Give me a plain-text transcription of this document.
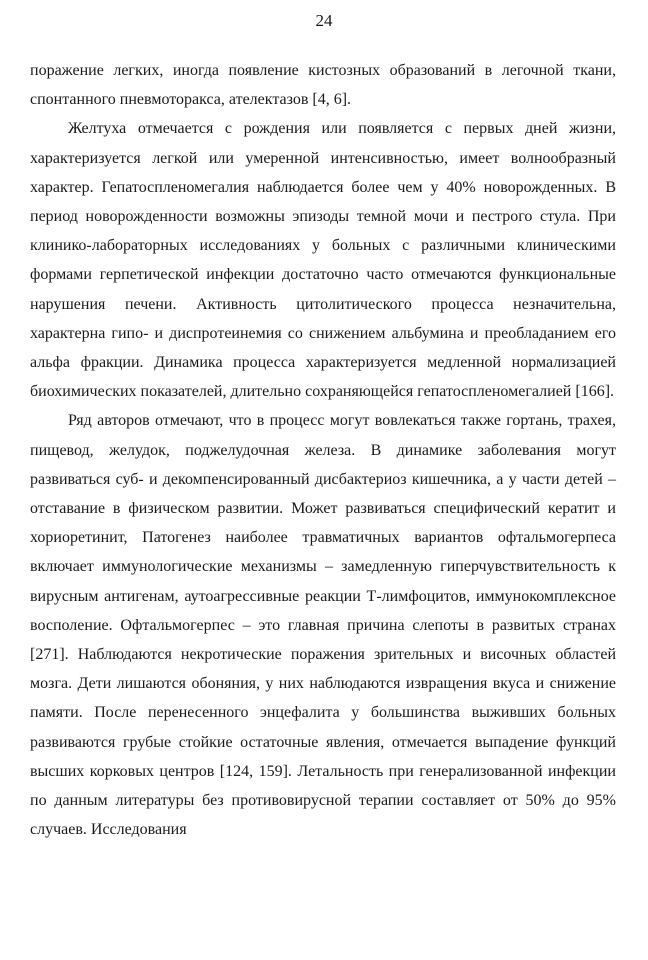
24

поражение легких, иногда появление кистозных образований в легочной ткани, спонтанного пневмоторакса, ателектазов [4, 6].

Желтуха отмечается с рождения или появляется с первых дней жизни, характеризуется легкой или умеренной интенсивностью, имеет волнообразный характер. Гепатоспленомегалия наблюдается более чем у 40% новорожденных. В период новорожденности возможны эпизоды темной мочи и пестрого стула. При клинико-лабораторных исследованиях у больных с различными клиническими формами герпетической инфекции достаточно часто отмечаются функциональные нарушения печени. Активность цитолитического процесса незначительна, характерна гипо- и диспротеинемия со снижением альбумина и преобладанием его альфа фракции. Динамика процесса характеризуется медленной нормализацией биохимических показателей, длительно сохраняющейся гепатоспленомегалией [166].

Ряд авторов отмечают, что в процесс могут вовлекаться также гортань, трахея, пищевод, желудок, поджелудочная железа. В динамике заболевания могут развиваться суб- и декомпенсированный дисбактериоз кишечника, а у части детей – отставание в физическом развитии. Может развиваться специфический кератит и хориоретинит, Патогенез наиболее травматичных вариантов офтальмогерпеса включает иммунологические механизмы – замедленную гиперчувствительность к вирусным антигенам, аутоагрессивные реакции Т-лимфоцитов, иммунокомплексное восполение. Офтальмогерпес – это главная причина слепоты в развитых странах [271]. Наблюдаются некротические поражения зрительных и височных областей мозга. Дети лишаются обоняния, у них наблюдаются извращения вкуса и снижение памяти. После перенесенного энцефалита у большинства выживших больных развиваются грубые стойкие остаточные явления, отмечается выпадение функций высших корковых центров [124, 159]. Летальность при генерализованной инфекции по данным литературы без противовирусной терапии составляет от 50% до 95% случаев. Исследования
